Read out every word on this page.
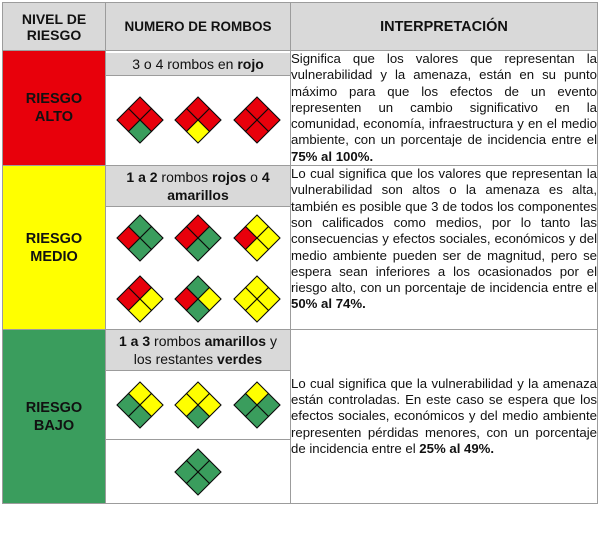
NIVEL DE
RIESGO	NUMERO DE ROMBOS	INTERPRETACIÓN

RIESGO
ALTO	3 o 4 rombos en rojo	Significa que los valores que representan la vulnerabilidad y la amenaza, están en su punto máximo para que los efectos de un evento representen un cambio significativo en la comunidad, economía, infraestructura y en el medio ambiente, con un porcentaje de incidencia entre el 75% al 100%.

RIESGO
MEDIO	1 a 2 rombos rojos o 4 amarillos	Lo cual significa que los valores que representan la vulnerabilidad son altos o la amenaza es alta, también es posible que 3 de todos los componentes son calificados como medios, por lo tanto las consecuencias y efectos sociales, económicos y del medio ambiente pueden ser de magnitud, pero se espera sean inferiores a los ocasionados por el riesgo alto, con un porcentaje de incidencia entre el 50% al 74%.

RIESGO
BAJO	1 a 3 rombos amarillos y los restantes verdes	Lo cual significa que la vulnerabilidad y la amenaza están controladas. En este caso se espera que los efectos sociales, económicos y del medio ambiente representen pérdidas menores, con un porcentaje de incidencia entre el 25% al 49%.
